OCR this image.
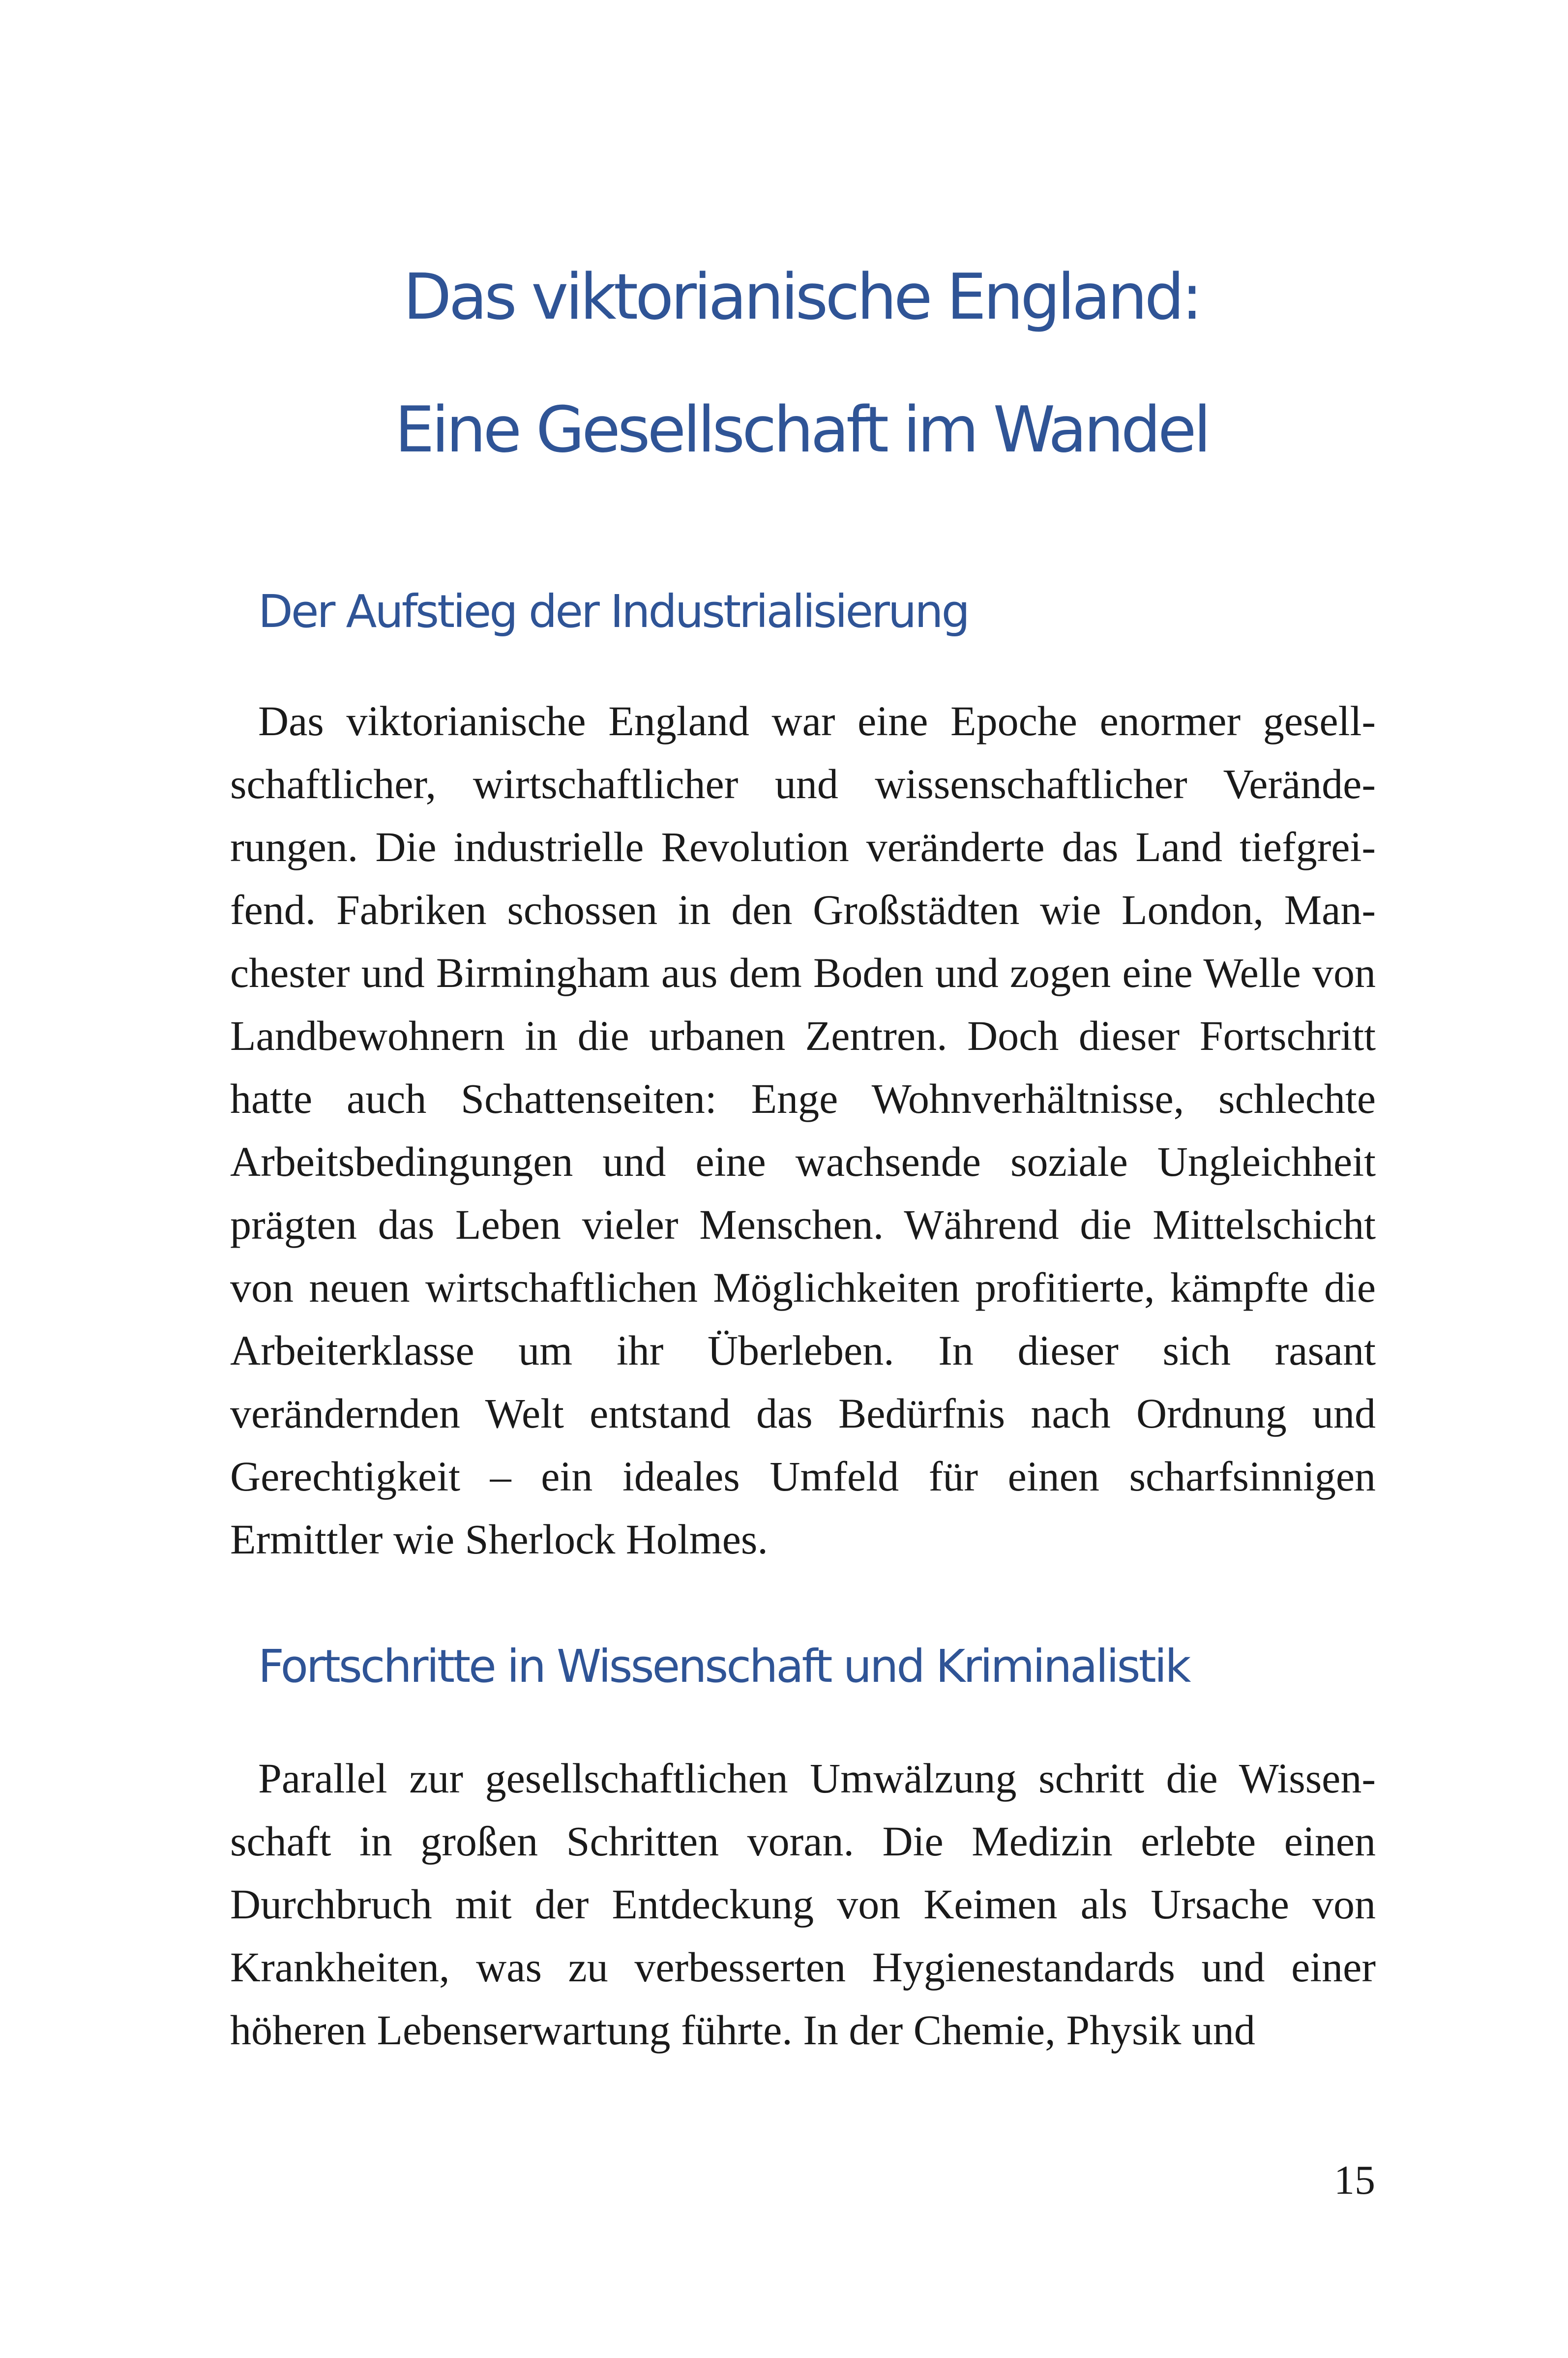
Das viktorianische England:
Eine Gesellschaft im Wandel
Der Aufstieg der Industrialisierung

Das viktorianische England war eine Epoche enormer gesellschaftlicher, wirtschaftlicher und wissenschaftlicher Veränderungen. Die industrielle Revolution veränderte das Land tiefgreifend. Fabriken schossen in den Großstädten wie London, Manchester und Birmingham aus dem Boden und zogen eine Welle von Landbewohnern in die urbanen Zentren. Doch dieser Fortschritt hatte auch Schattenseiten: Enge Wohnverhältnisse, schlechte Arbeitsbedingungen und eine wachsende soziale Ungleichheit prägten das Leben vieler Menschen. Während die Mittelschicht von neuen wirtschaftlichen Möglichkeiten profitierte, kämpfte die Arbeiterklasse um ihr Überleben. In dieser sich rasant verändernden Welt entstand das Bedürfnis nach Ordnung und Gerechtigkeit – ein ideales Umfeld für einen scharfsinnigen Ermittler wie Sherlock Holmes.

Fortschritte in Wissenschaft und Kriminalistik

Parallel zur gesellschaftlichen Umwälzung schritt die Wissenschaft in großen Schritten voran. Die Medizin erlebte einen Durchbruch mit der Entdeckung von Keimen als Ursache von Krankheiten, was zu verbesserten Hygienestandards und einer höheren Lebenserwartung führte. In der Chemie, Physik und

15
